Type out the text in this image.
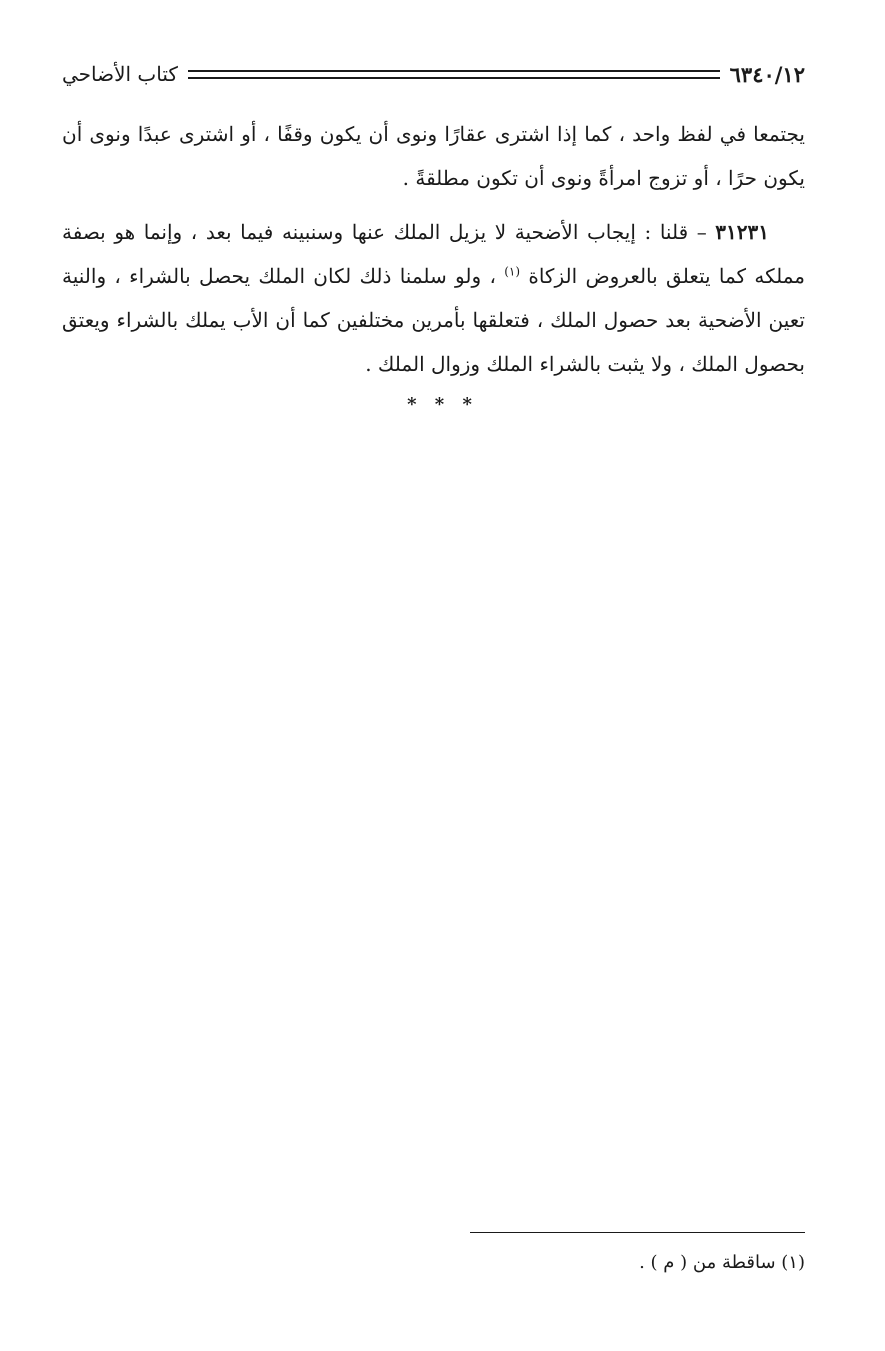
٦٣٤٠/١٢
كتاب الأضاحي

يجتمعا في لفظ واحد ، كما إذا اشترى عقارًا ونوى أن يكون وقفًا ، أو اشترى عبدًا ونوى أن يكون حرًا ، أو تزوج امرأةً ونوى أن تكون مطلقةً .

٣١٢٣١ – قلنا : إيجاب الأضحية لا يزيل الملك عنها وسنبينه فيما بعد ، وإنما هو بصفة مملكه كما يتعلق بالعروض الزكاة $^{(١)}$ ، ولو سلمنا ذلك لكان الملك يحصل بالشراء ، والنية تعين الأضحية بعد حصول الملك ، فتعلقها بأمرين مختلفين كما أن الأب يملك بالشراء ويعتق بحصول الملك ، ولا يثبت بالشراء الملك وزوال الملك .

* * *
(١) ساقطة من ( م ) .
